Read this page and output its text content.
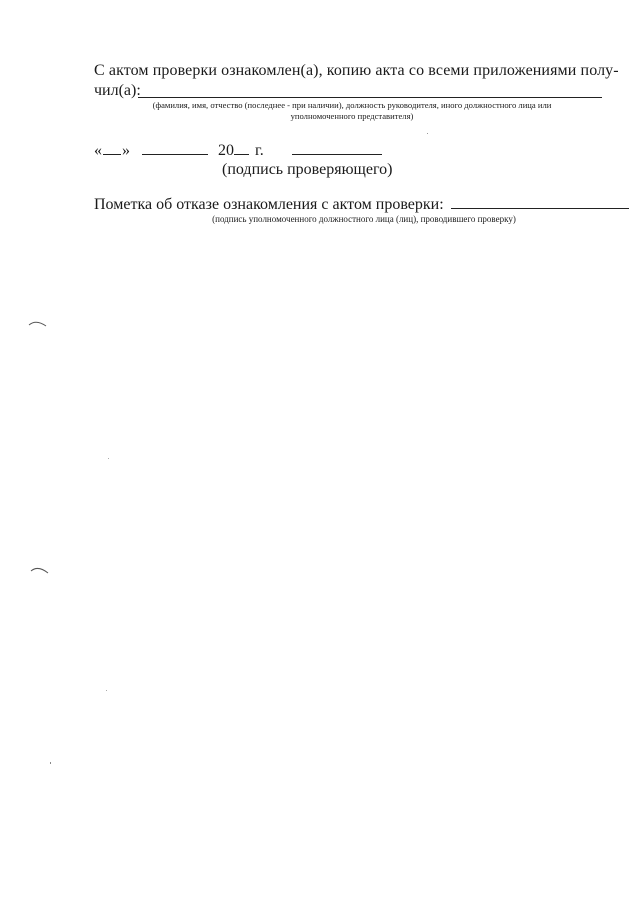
С актом проверки ознакомлен(а), копию акта со всеми приложениями полу-
чил(а):
(фамилия, имя, отчество (последнее - при наличии), должность руководителя, иного должностного лица или
уполномоченного представителя)
« »	20 г.
(подпись проверяющего)
Пометка об отказе ознакомления с актом проверки:
(подпись уполномоченного должностного лица (лиц), проводившего проверку)
